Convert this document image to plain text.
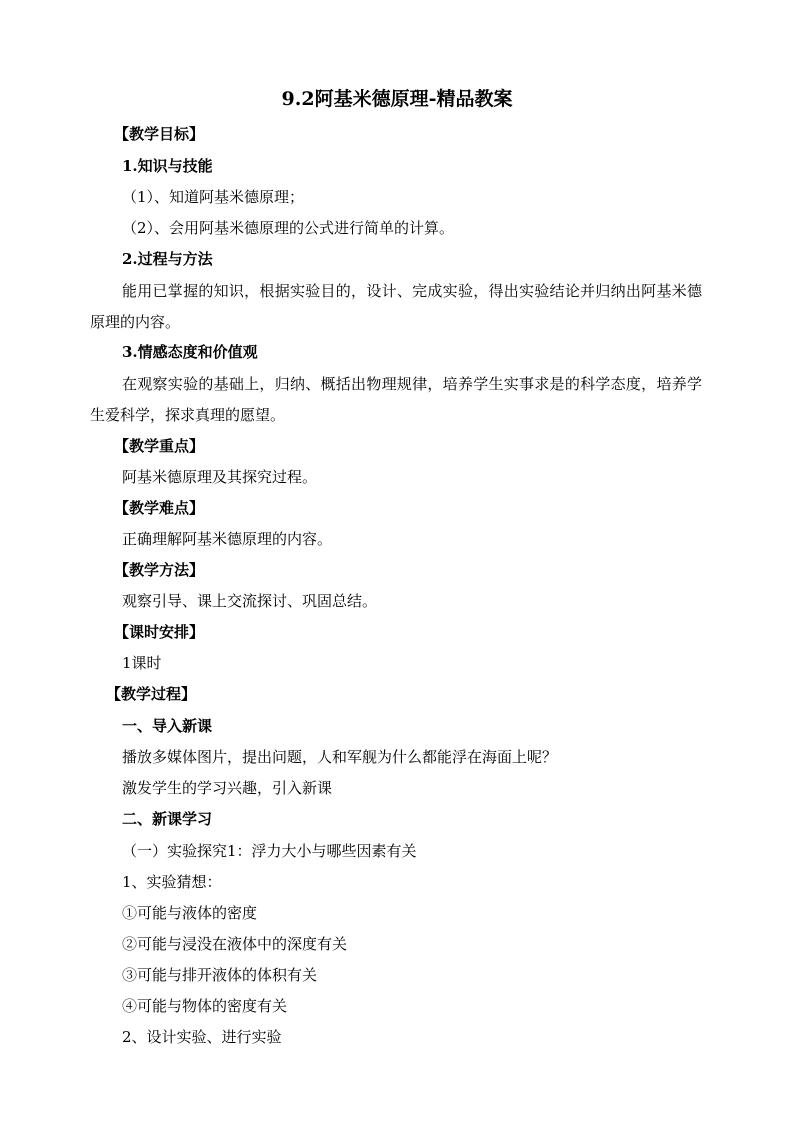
9.2阿基米德原理-精品教案
【教学目标】
1.知识与技能
（1）、知道阿基米德原理；
（2）、会用阿基米德原理的公式进行简单的计算。
2.过程与方法
能用已掌握的知识，根据实验目的，设计、完成实验，得出实验结论并归纳出阿基米德原理的内容。
3.情感态度和价值观
在观察实验的基础上，归纳、概括出物理规律，培养学生实事求是的科学态度，培养学生爱科学，探求真理的愿望。
【教学重点】
阿基米德原理及其探究过程。
【教学难点】
正确理解阿基米德原理的内容。
【教学方法】
观察引导、课上交流探讨、巩固总结。
【课时安排】
1课时
【教学过程】
一、导入新课
播放多媒体图片，提出问题，人和军舰为什么都能浮在海面上呢？
激发学生的学习兴趣，引入新课
二、新课学习
（一）实验探究1：浮力大小与哪些因素有关
1、实验猜想：
①可能与液体的密度
②可能与浸没在液体中的深度有关
③可能与排开液体的体积有关
④可能与物体的密度有关
2、设计实验、进行实验
